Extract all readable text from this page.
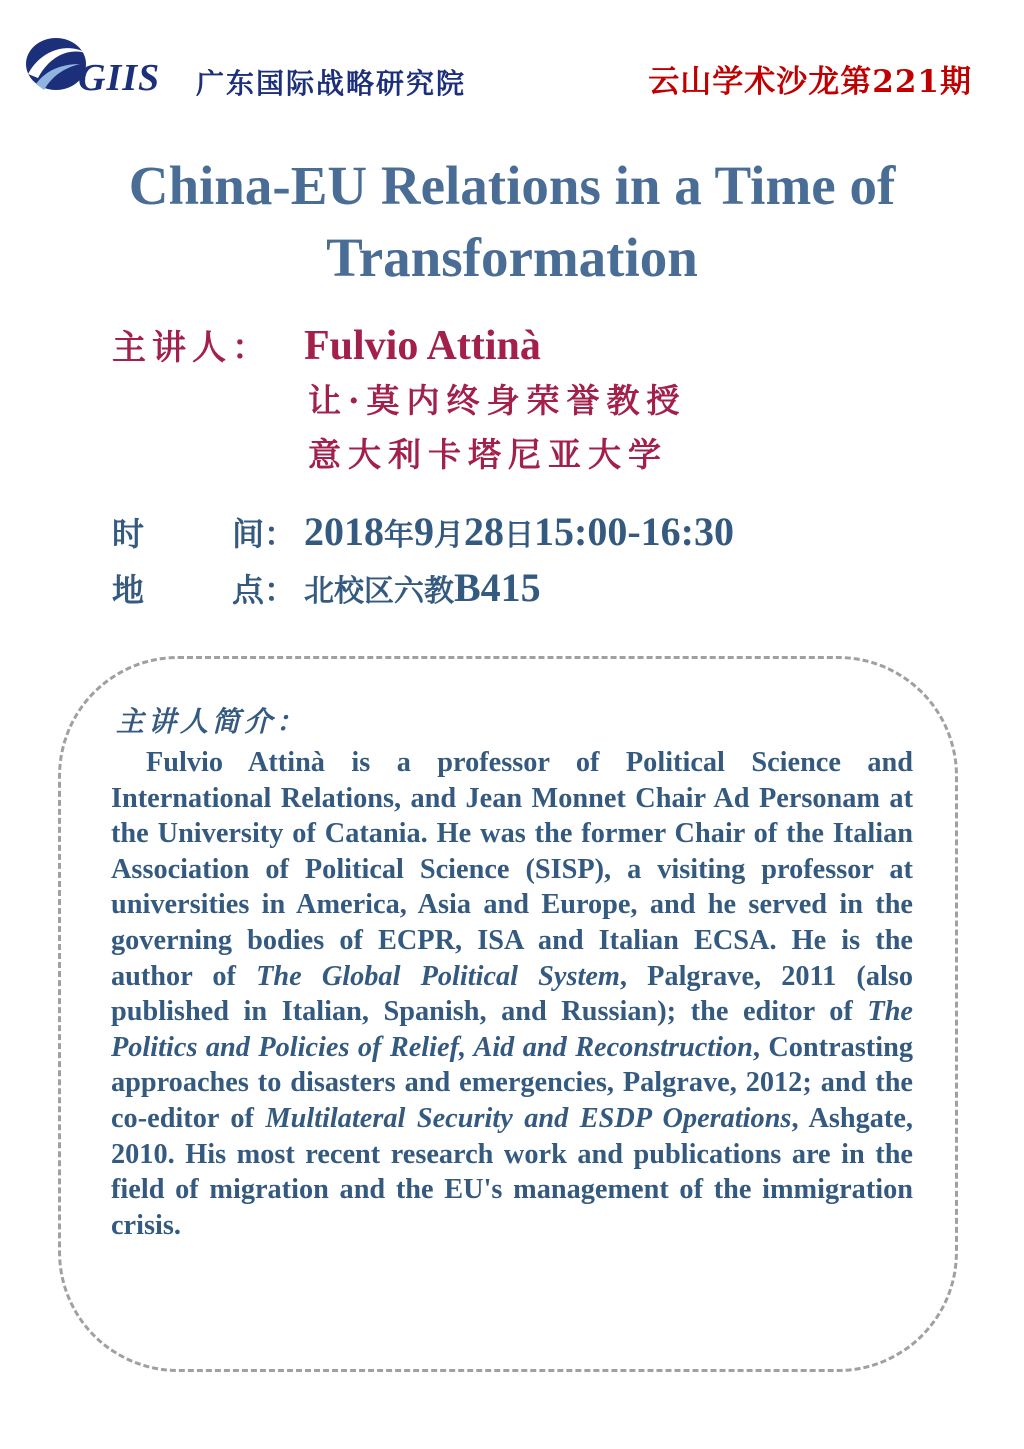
GIIS 广东国际战略研究院	云山学术沙龙第221期
China-EU Relations in a Time of Transformation
主讲人： Fulvio Attinà
让·莫内终身荣誉教授
意大利卡塔尼亚大学
时	间： 2018年9月28日15:00-16:30
地	点： 北校区六教B415
主讲人简介：
Fulvio Attinà is a professor of Political Science and International Relations, and Jean Monnet Chair Ad Personam at the University of Catania. He was the former Chair of the Italian Association of Political Science (SISP), a visiting professor at universities in America, Asia and Europe, and he served in the governing bodies of ECPR, ISA and Italian ECSA. He is the author of The Global Political System, Palgrave, 2011 (also published in Italian, Spanish, and Russian); the editor of The Politics and Policies of Relief, Aid and Reconstruction, Contrasting approaches to disasters and emergencies, Palgrave, 2012; and the co-editor of Multilateral Security and ESDP Operations, Ashgate, 2010. His most recent research work and publications are in the field of migration and the EU's management of the immigration crisis.
